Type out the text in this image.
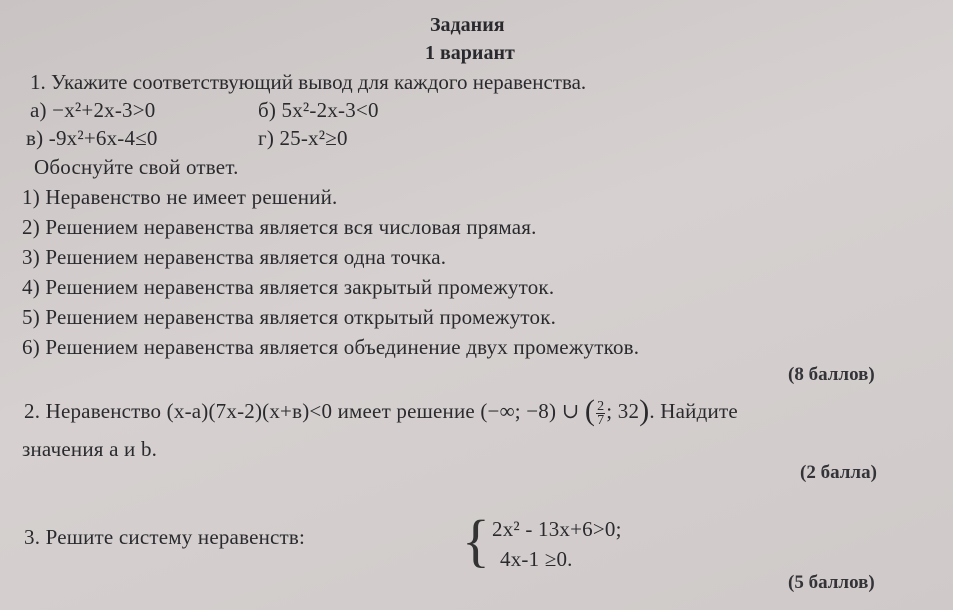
Задания
1 вариант
1. Укажите соответствующий вывод для каждого неравенства.
а) −x²+2x-3>0	б) 5x²-2x-3<0
в) -9x²+6x-4≤0	г) 25-x²≥0
Обоснуйте свой ответ.
1) Неравенство не имеет решений.
2) Решением неравенства является вся числовая прямая.
3) Решением неравенства является одна точка.
4) Решением неравенства является закрытый промежуток.
5) Решением неравенства является открытый промежуток.
6) Решением неравенства является объединение двух промежутков.
(8 баллов)
2. Неравенство (x-a)(7x-2)(x+в)<0 имеет решение (−∞; −8) ∪ ( $\frac{2}{7}$ ; 32). Найдите
значения a и b.
(2 балла)
3. Решите систему неравенств:	{ 2x² - 13x+6>0;
4x-1 ≥0.
(5 баллов)
